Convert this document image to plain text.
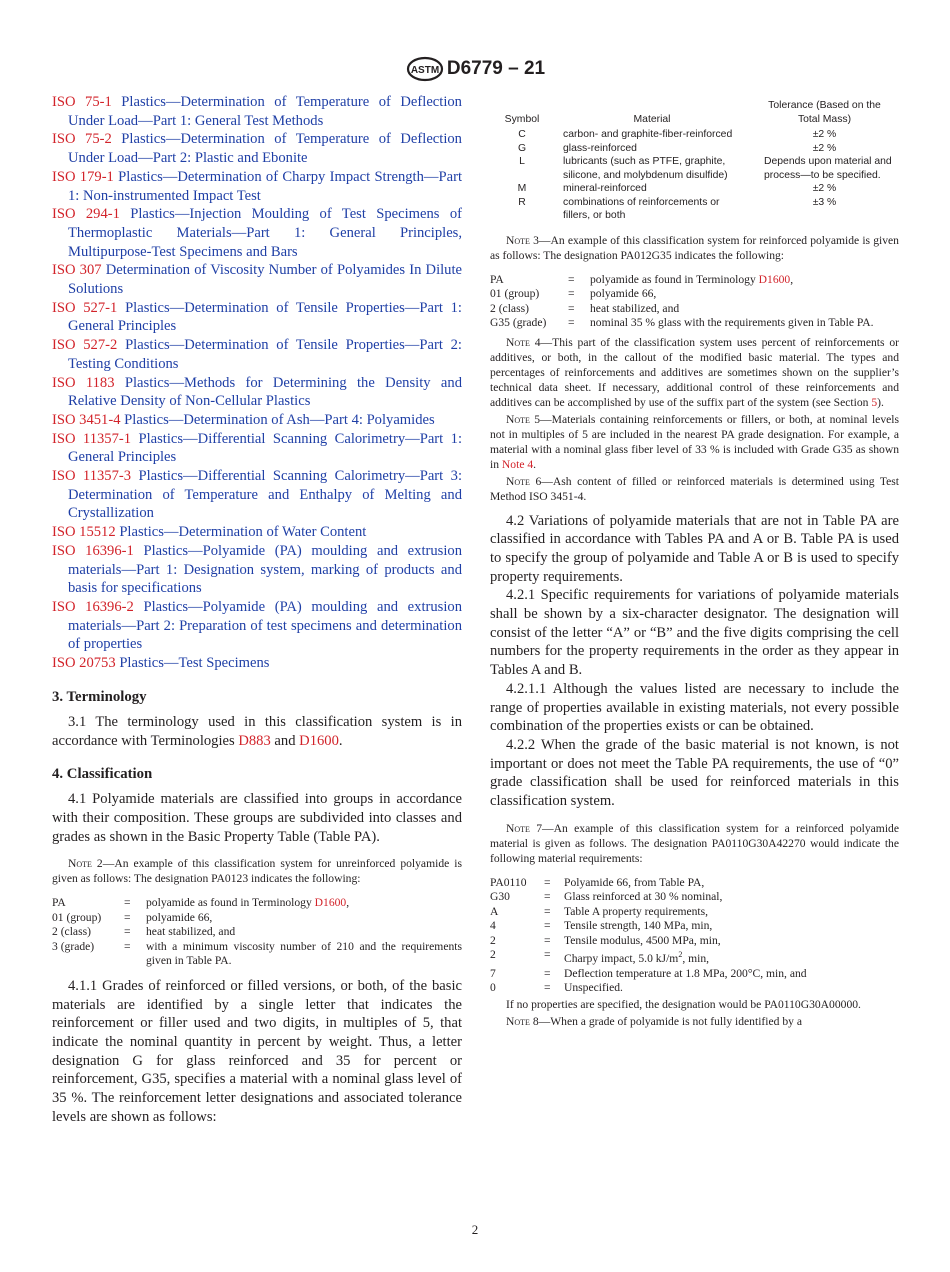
ASTM D6779 – 21
ISO 75-1 Plastics—Determination of Temperature of Deflection Under Load—Part 1: General Test Methods
ISO 75-2 Plastics—Determination of Temperature of Deflection Under Load—Part 2: Plastic and Ebonite
ISO 179-1 Plastics—Determination of Charpy Impact Strength—Part 1: Non-instrumented Impact Test
ISO 294-1 Plastics—Injection Moulding of Test Specimens of Thermoplastic Materials—Part 1: General Principles, Multipurpose-Test Specimens and Bars
ISO 307 Determination of Viscosity Number of Polyamides In Dilute Solutions
ISO 527-1 Plastics—Determination of Tensile Properties—Part 1: General Principles
ISO 527-2 Plastics—Determination of Tensile Properties—Part 2: Testing Conditions
ISO 1183 Plastics—Methods for Determining the Density and Relative Density of Non-Cellular Plastics
ISO 3451-4 Plastics—Determination of Ash—Part 4: Polyamides
ISO 11357-1 Plastics—Differential Scanning Calorimetry—Part 1: General Principles
ISO 11357-3 Plastics—Differential Scanning Calorimetry—Part 3: Determination of Temperature and Enthalpy of Melting and Crystallization
ISO 15512 Plastics—Determination of Water Content
ISO 16396-1 Plastics—Polyamide (PA) moulding and extrusion materials—Part 1: Designation system, marking of products and basis for specifications
ISO 16396-2 Plastics—Polyamide (PA) moulding and extrusion materials—Part 2: Preparation of test specimens and determination of properties
ISO 20753 Plastics—Test Specimens
3. Terminology

3.1 The terminology used in this classification system is in accordance with Terminologies D883 and D1600.

4. Classification

4.1 Polyamide materials are classified into groups in accordance with their composition. These groups are subdivided into classes and grades as shown in the Basic Property Table (Table PA).

Note 2—An example of this classification system for unreinforced polyamide is given as follows: The designation PA0123 indicates the following:

PA	=	polyamide as found in Terminology D1600,
01 (group)	=	polyamide 66,
2 (class)	=	heat stabilized, and
3 (grade)	=	with a minimum viscosity number of 210 and the requirements given in Table PA.

4.1.1 Grades of reinforced or filled versions, or both, of the basic materials are identified by a single letter that indicates the reinforcement or filler used and two digits, in multiples of 5, that indicate the nominal quantity in percent by weight. Thus, a letter designation G for glass reinforced and 35 for percent or reinforcement, G35, specifies a material with a nominal glass level of 35 %. The reinforcement letter designations and associated tolerance levels are shown as follows:

Symbol	Material	Tolerance (Based on the Total Mass)
C	carbon- and graphite-fiber-reinforced	±2 %
G	glass-reinforced	±2 %
L	lubricants (such as PTFE, graphite, silicone, and molybdenum disulfide)	Depends upon material and process—to be specified.
M	mineral-reinforced	±2 %
R	combinations of reinforcements or fillers, or both	±3 %

Note 3—An example of this classification system for reinforced polyamide is given as follows: The designation PA012G35 indicates the following:

PA	=	polyamide as found in Terminology D1600,
01 (group)	=	polyamide 66,
2 (class)	=	heat stabilized, and
G35 (grade)	=	nominal 35 % glass with the requirements given in Table PA.

Note 4—This part of the classification system uses percent of reinforcements or additives, or both, in the callout of the modified basic material. The types and percentages of reinforcements and additives are sometimes shown on the supplier’s technical data sheet. If necessary, additional control of these reinforcements and additives can be accomplished by use of the suffix part of the system (see Section 5).

Note 5—Materials containing reinforcements or fillers, or both, at nominal levels not in multiples of 5 are included in the nearest PA grade designation. For example, a material with a nominal glass fiber level of 33 % is included with Grade G35 as shown in Note 4.

Note 6—Ash content of filled or reinforced materials is determined using Test Method ISO 3451-4.

4.2 Variations of polyamide materials that are not in Table PA are classified in accordance with Tables PA and A or B. Table PA is used to specify the group of polyamide and Table A or B is used to specify property requirements.

4.2.1 Specific requirements for variations of polyamide materials shall be shown by a six-character designator. The designation will consist of the letter “A” or “B” and the five digits comprising the cell numbers for the property requirements in the order as they appear in Tables A and B.

4.2.1.1 Although the values listed are necessary to include the range of properties available in existing materials, not every possible combination of the properties exists or can be obtained.

4.2.2 When the grade of the basic material is not known, is not important or does not meet the Table PA requirements, the use of “0” grade classification shall be used for reinforced materials in this classification system.

Note 7—An example of this classification system for a reinforced polyamide material is given as follows. The designation PA0110G30A42270 would indicate the following material requirements:

PA0110	=	Polyamide 66, from Table PA,
G30	=	Glass reinforced at 30 % nominal,
A	=	Table A property requirements,
4	=	Tensile strength, 140 MPa, min,
2	=	Tensile modulus, 4500 MPa, min,
2	=	Charpy impact, 5.0 $kJ/m^2$, min,
7	=	Deflection temperature at 1.8 MPa, 200°C, min, and
0	=	Unspecified.

If no properties are specified, the designation would be PA0110G30A00000.

Note 8—When a grade of polyamide is not fully identified by a

2
